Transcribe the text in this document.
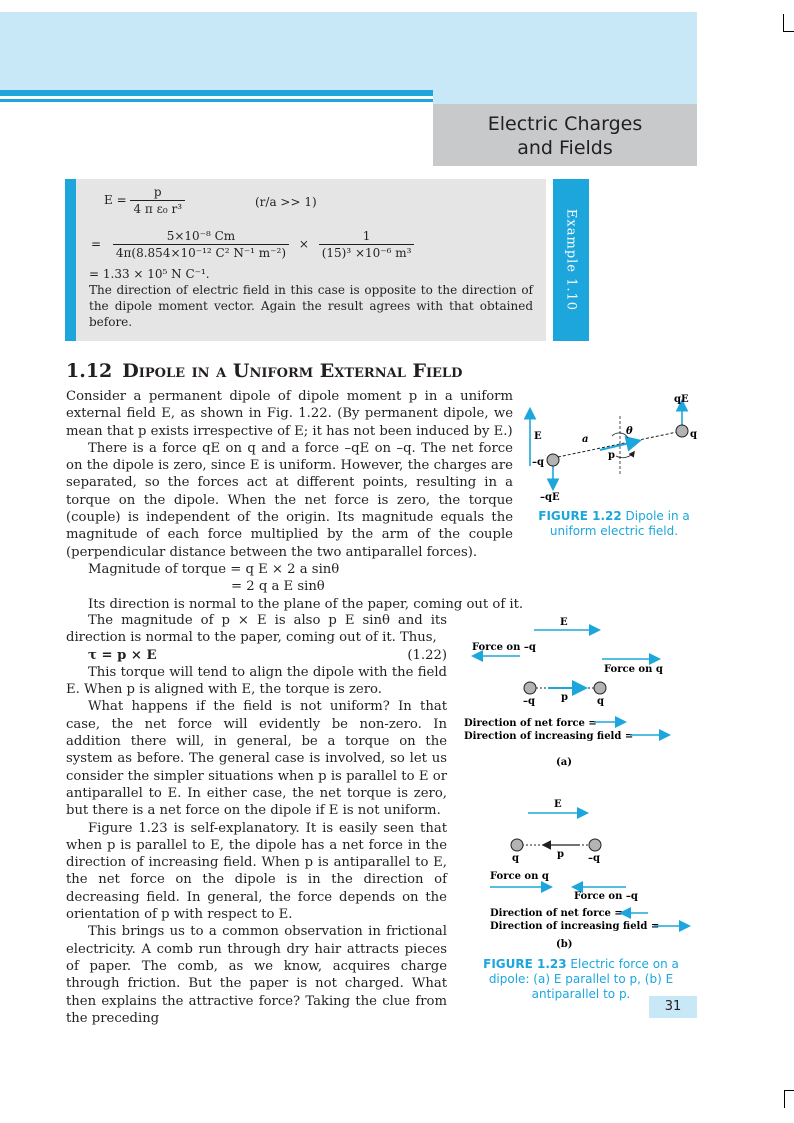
Electric Charges
and Fields
Example 1.10
$E = \frac{p}{\text{4 π ε₀ r³}}$	(r/a >> 1)
= $\frac{\text{5×10⁻⁸ Cm}}{\text{4π(8.854×10⁻¹² C² N⁻¹ m⁻²)}} \times \frac{1}{\text{(15)³ ×10⁻⁶ m³}}$
= 1.33 × 10⁵ N C⁻¹.
The direction of electric field in this case is opposite to the direction of the dipole moment vector. Again the result agrees with that obtained before.
1.12 Dipole in a Uniform External Field

Consider a permanent dipole of dipole moment p in a uniform external field E, as shown in Fig. 1.22. (By permanent dipole, we mean that p exists irrespective of E; it has not been induced by E.)

There is a force qE on q and a force –qE on –q. The net force on the dipole is zero, since E is uniform. However, the charges are separated, so the forces act at different points, resulting in a torque on the dipole. When the net force is zero, the torque (couple) is independent of the origin. Its magnitude equals the magnitude of each force multiplied by the arm of the couple (perpendicular distance between the two antiparallel forces).

Magnitude of torque = q E × 2 a sinθ

= 2 q a E sinθ

Its direction is normal to the plane of the paper, coming out of it.

The magnitude of p × E is also p E sinθ and its direction is normal to the paper, coming out of it. Thus,

τ = p × E	(1.22)

This torque will tend to align the dipole with the field E. When p is aligned with E, the torque is zero.

What happens if the field is not uniform? In that case, the net force will evidently be non-zero. In addition there will, in general, be a torque on the system as before. The general case is involved, so let us consider the simpler situations when p is parallel to E or antiparallel to E. In either case, the net torque is zero, but there is a net force on the dipole if E is not uniform.

Figure 1.23 is self-explanatory. It is easily seen that when p is parallel to E, the dipole has a net force in the direction of increasing field. When p is antiparallel to E, the net force on the dipole is in the direction of decreasing field. In general, the force depends on the orientation of p with respect to E.

This brings us to a common observation in frictional electricity. A comb run through dry hair attracts pieces of paper. The comb, as we know, acquires charge through friction. But the paper is not charged. What then explains the attractive force? Taking the clue from the preceding

qE
q
E	a
θ
p
–q
–qE
FIGURE 1.22 Dipole in a uniform electric field.
E
Force on –q
Force on q
–q	p	q
Direction of net force =
Direction of increasing field =
(a)
E
q	p –q
Force on q
Force on –q
Direction of net force =
Direction of increasing field =
(b)
FIGURE 1.23 Electric force on a dipole: (a) E parallel to p, (b) E antiparallel to p.
31
